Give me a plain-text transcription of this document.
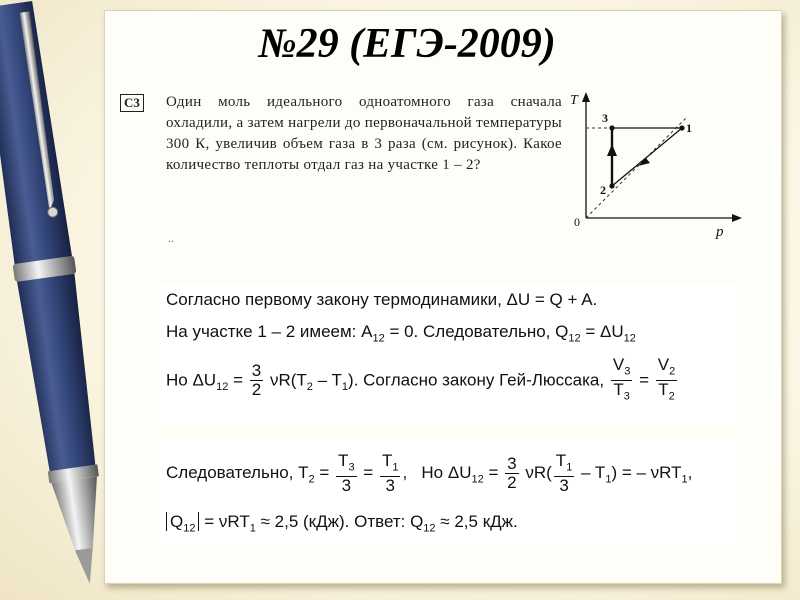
№29 (ЕГЭ-2009)
С3 Один моль идеального одноатомного газа сначала охладили, а затем нагрели до первоначальной температуры 300 К, увеличив объем газа в 3 раза (см. рисунок). Какое количество теплоты отдал газ на участке 1 – 2?
..
T
p
0
1
2
3
Согласно первому закону термодинамики, ΔU = Q + A.
На участке 1 – 2 имеем: $A_{12} = 0$. Следовательно, $Q_{12} = \Delta U_{12}$
Но $\Delta U_{12} = \frac{3}{2} \nu R(T_2 - T_1)$. Согласно закону Гей-Люссака, $\frac{V_3}{T_3} = \frac{V_2}{T_2}$
Следовательно, $T_2 = \frac{T_3}{3} = \frac{T_1}{3}$ ,   Но $\Delta U_{12} = \frac{3}{2} \nu R( \frac{T_1}{3} - T_1)$ = – νRT$_1$,
$Q_{12} = \nu RT_1 \approx 2,5$ (кДж). Ответ: $Q_{12} \approx 2,5$ кДж.
